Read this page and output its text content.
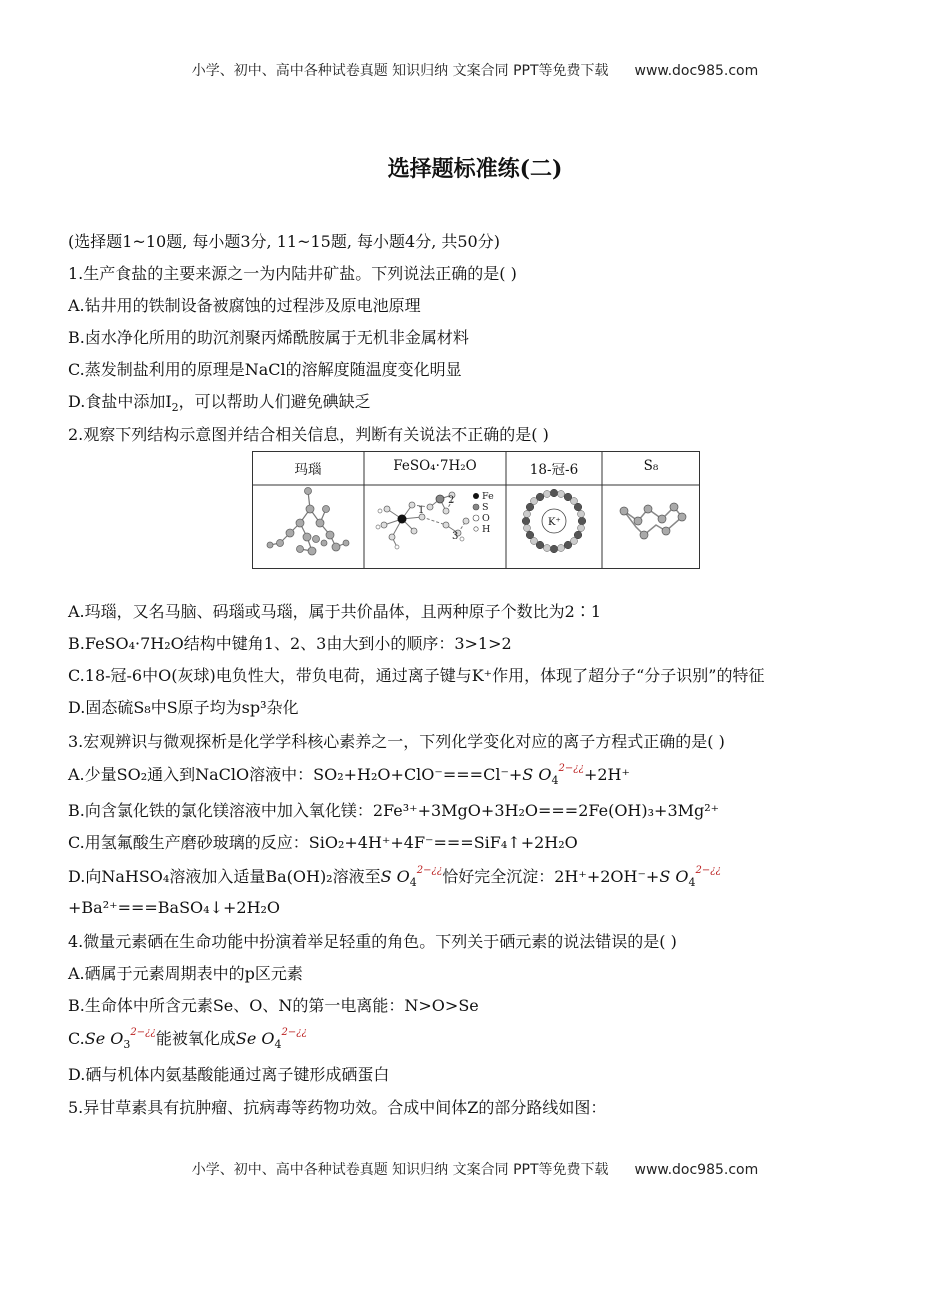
小学、初中、高中各种试卷真题 知识归纳 文案合同 PPT等免费下载 www.doc985.com
选择题标准练(二)
(选择题1~10题, 每小题3分, 11~15题, 每小题4分, 共50分)
1.生产食盐的主要来源之一为内陆井矿盐。下列说法正确的是( )
A.钻井用的铁制设备被腐蚀的过程涉及原电池原理
B.卤水净化所用的助沉剂聚丙烯酰胺属于无机非金属材料
C.蒸发制盐利用的原理是NaCl的溶解度随温度变化明显
D.食盐中添加$I_2$，可以帮助人们避免碘缺乏
2.观察下列结构示意图并结合相关信息，判断有关说法不正确的是( )
1
2
3
Fe
S
O
H
K⁺
玛瑙	FeSO₄·7H₂O	18-冠-6	S₈
A.玛瑙，又名马脑、码瑙或马瑙，属于共价晶体，且两种原子个数比为2∶1
B.FeSO₄·7H₂O结构中键角1、2、3由大到小的顺序：3>1>2
C.18-冠-6中O(灰球)电负性大，带负电荷，通过离子键与K⁺作用，体现了超分子“分子识别”的特征
D.固态硫S₈中S原子均为sp³杂化
3.宏观辨识与微观探析是化学学科核心素养之一，下列化学变化对应的离子方程式正确的是( )
A.少量SO₂通入到NaClO溶液中：SO₂+H₂O+ClO⁻===Cl⁻+S $O_4^{2-¿¿}+2H^+$
B.向含氯化铁的氯化镁溶液中加入氧化镁：2Fe³⁺+3MgO+3H₂O===2Fe(OH)₃+3Mg²⁺
C.用氢氟酸生产磨砂玻璃的反应：SiO₂+4H⁺+4F⁻===SiF₄↑+2H₂O
D.向NaHSO₄溶液加入适量Ba(OH)₂溶液至S $O_4^{2-¿¿}$恰好完全沉淀：2H⁺+2OH⁻+S $O_4^{2-¿¿}$
+Ba²⁺===BaSO₄↓+2H₂O
4.微量元素硒在生命功能中扮演着举足轻重的角色。下列关于硒元素的说法错误的是( )
A.硒属于元素周期表中的p区元素
B.生命体中所含元素Se、O、N的第一电离能：N>O>Se
C.Se $O_3^{2-¿¿}$能被氧化成Se $O_4^{2-¿¿}$
D.硒与机体内氨基酸能通过离子键形成硒蛋白
5.异甘草素具有抗肿瘤、抗病毒等药物功效。合成中间体Z的部分路线如图：
小学、初中、高中各种试卷真题 知识归纳 文案合同 PPT等免费下载 www.doc985.com
